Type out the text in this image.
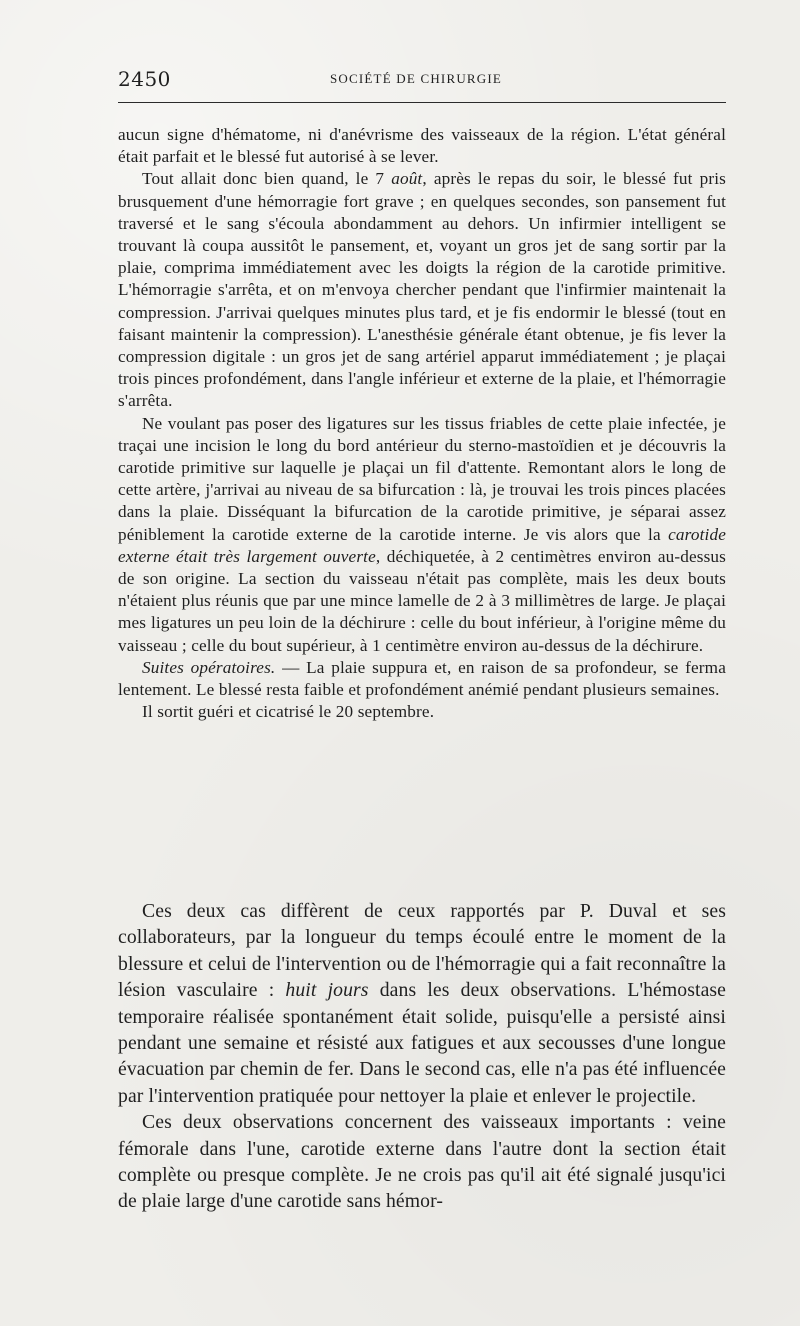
2450	SOCIÉTÉ DE CHIRURGIE

aucun signe d'hématome, ni d'anévrisme des vaisseaux de la région. L'état général était parfait et le blessé fut autorisé à se lever.

Tout allait donc bien quand, le 7 août, après le repas du soir, le blessé fut pris brusquement d'une hémorragie fort grave ; en quelques secondes, son pansement fut traversé et le sang s'écoula abondamment au dehors. Un infirmier intelligent se trouvant là coupa aussitôt le pansement, et, voyant un gros jet de sang sortir par la plaie, comprima immédiatement avec les doigts la région de la carotide primitive. L'hémorragie s'arrêta, et on m'envoya chercher pendant que l'infirmier maintenait la compression. J'arrivai quelques minutes plus tard, et je fis endormir le blessé (tout en faisant maintenir la compression). L'anesthésie générale étant obtenue, je fis lever la compression digitale : un gros jet de sang artériel apparut immédiatement ; je plaçai trois pinces profondément, dans l'angle inférieur et externe de la plaie, et l'hémorragie s'arrêta.

Ne voulant pas poser des ligatures sur les tissus friables de cette plaie infectée, je traçai une incision le long du bord antérieur du sterno-mastoïdien et je découvris la carotide primitive sur laquelle je plaçai un fil d'attente. Remontant alors le long de cette artère, j'arrivai au niveau de sa bifurcation : là, je trouvai les trois pinces placées dans la plaie. Disséquant la bifurcation de la carotide primitive, je séparai assez péniblement la carotide externe de la carotide interne. Je vis alors que la carotide externe était très largement ouverte, déchiquetée, à 2 centimètres environ au-dessus de son origine. La section du vaisseau n'était pas complète, mais les deux bouts n'étaient plus réunis que par une mince lamelle de 2 à 3 millimètres de large. Je plaçai mes ligatures un peu loin de la déchirure : celle du bout inférieur, à l'origine même du vaisseau ; celle du bout supérieur, à 1 centimètre environ au-dessus de la déchirure.

Suites opératoires. — La plaie suppura et, en raison de sa profondeur, se ferma lentement. Le blessé resta faible et profondément anémié pendant plusieurs semaines.

Il sortit guéri et cicatrisé le 20 septembre.

Ces deux cas diffèrent de ceux rapportés par P. Duval et ses collaborateurs, par la longueur du temps écoulé entre le moment de la blessure et celui de l'intervention ou de l'hémorragie qui a fait reconnaître la lésion vasculaire : huit jours dans les deux observations. L'hémostase temporaire réalisée spontanément était solide, puisqu'elle a persisté ainsi pendant une semaine et résisté aux fatigues et aux secousses d'une longue évacuation par chemin de fer. Dans le second cas, elle n'a pas été influencée par l'intervention pratiquée pour nettoyer la plaie et enlever le projectile.

Ces deux observations concernent des vaisseaux importants : veine fémorale dans l'une, carotide externe dans l'autre dont la section était complète ou presque complète. Je ne crois pas qu'il ait été signalé jusqu'ici de plaie large d'une carotide sans hémor-
